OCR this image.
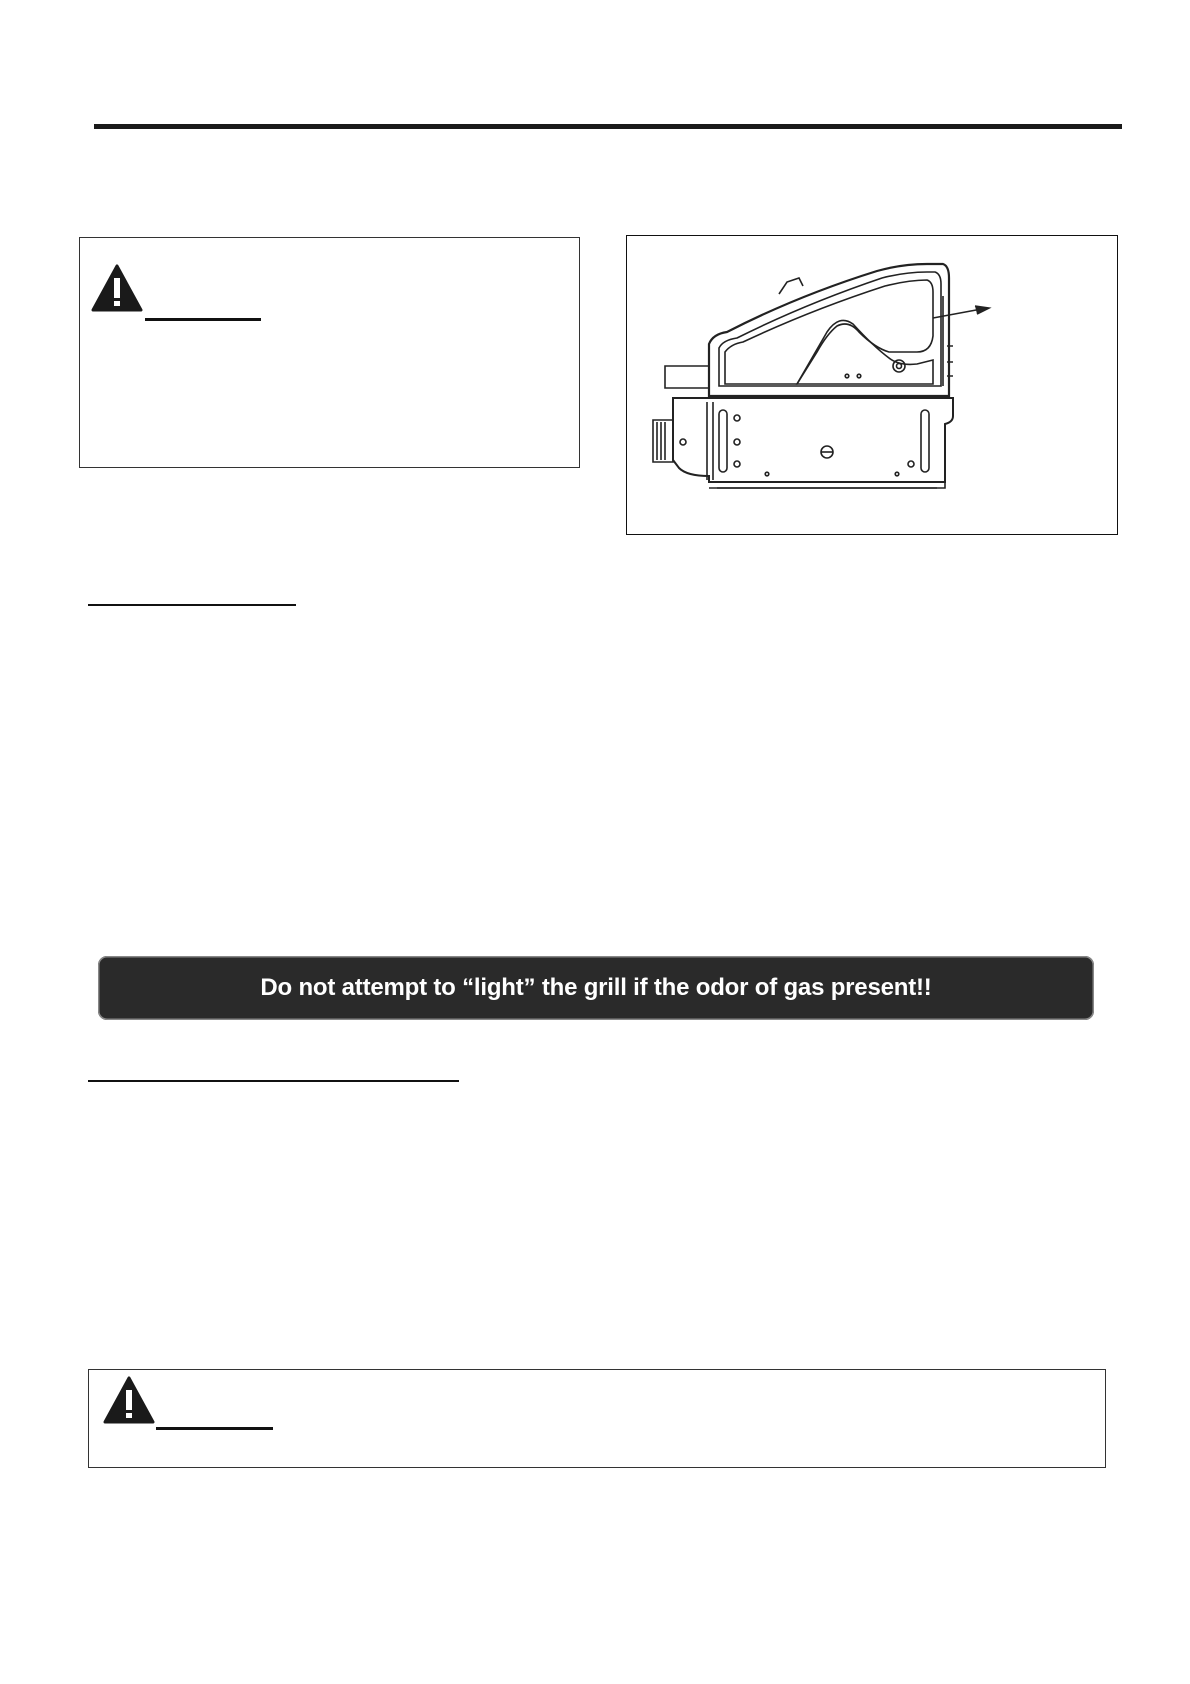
Do not attempt to “light” the grill if the odor of gas present!!
